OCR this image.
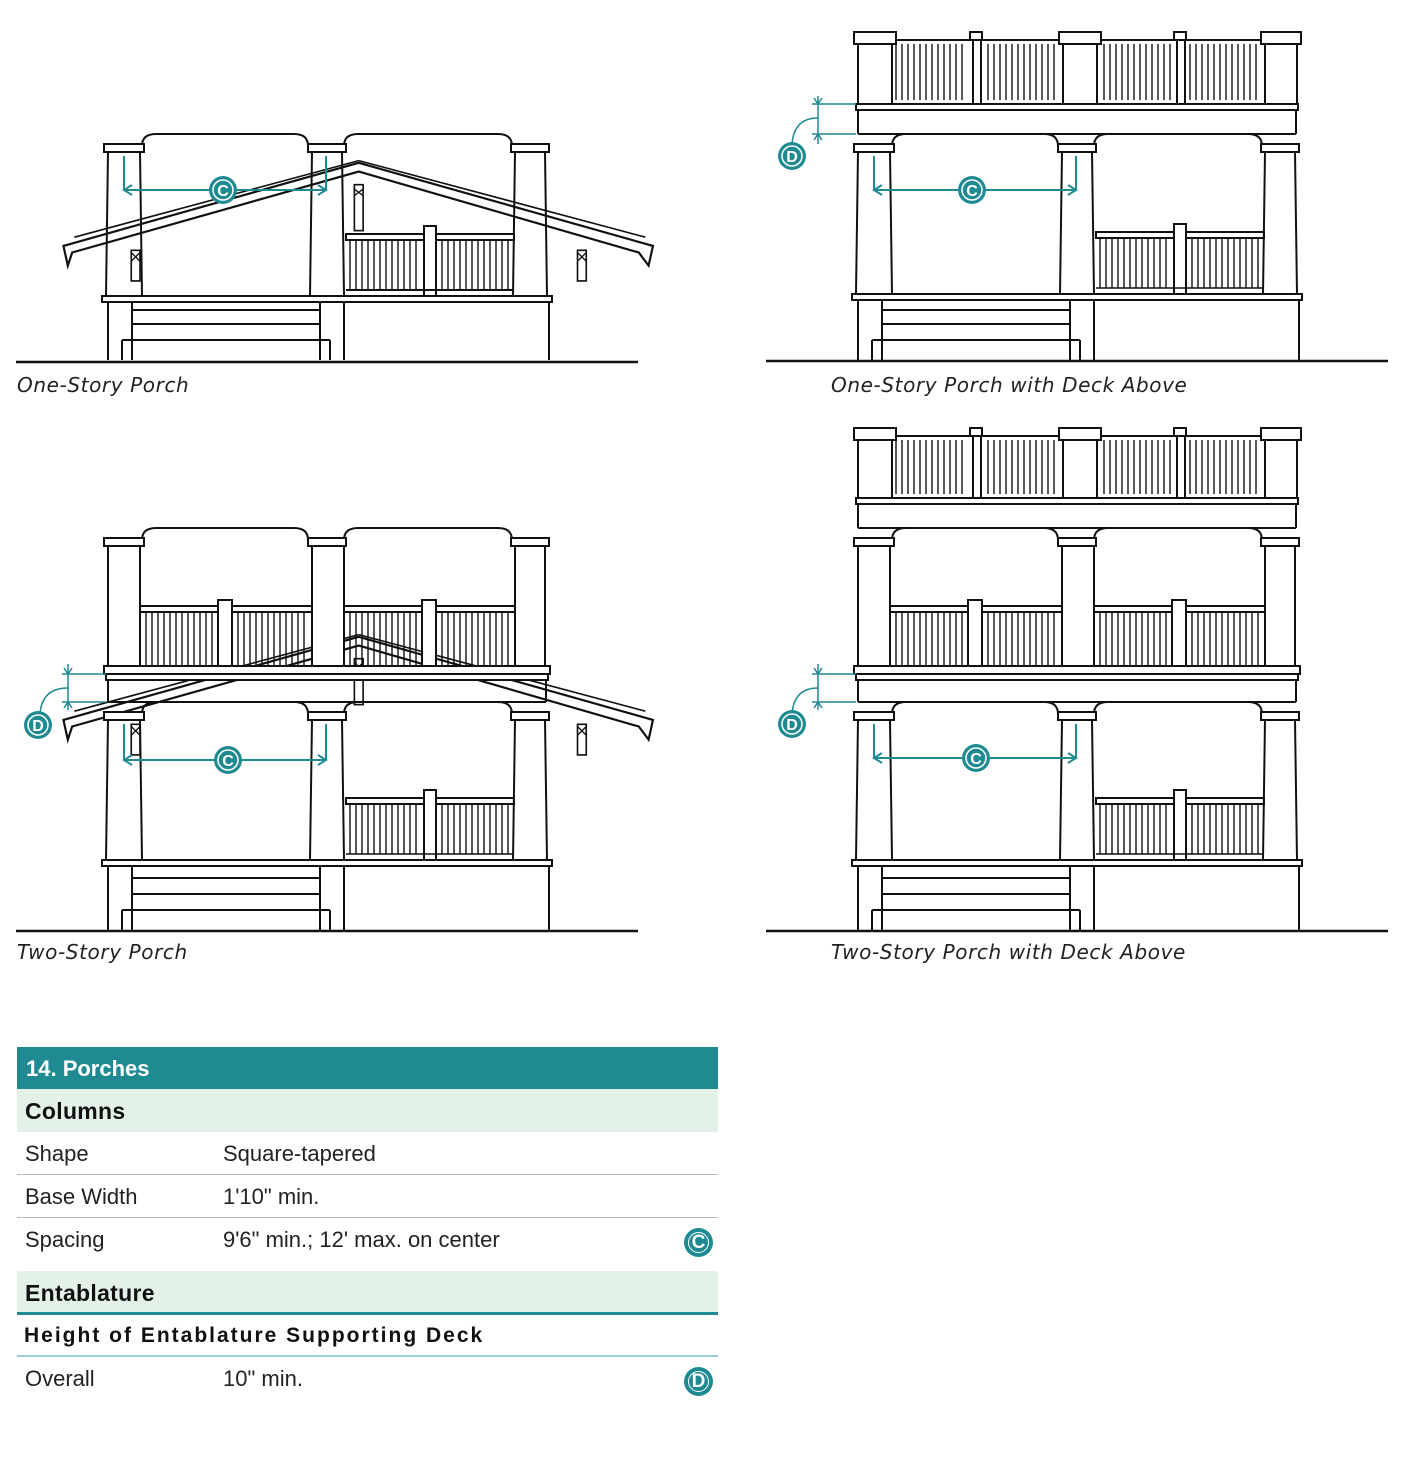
C
One-Story Porch
C
D
One-Story Porch with Deck Above
C
D
Two-Story Porch
C
D
Two-Story Porch with Deck Above
14. Porches
Columns
Shape	Square-tapered
Base Width	1'10" min.
Spacing	9'6" min.; 12' max. on center	C
Entablature
Height of Entablature Supporting Deck
Overall	10" min.	D
